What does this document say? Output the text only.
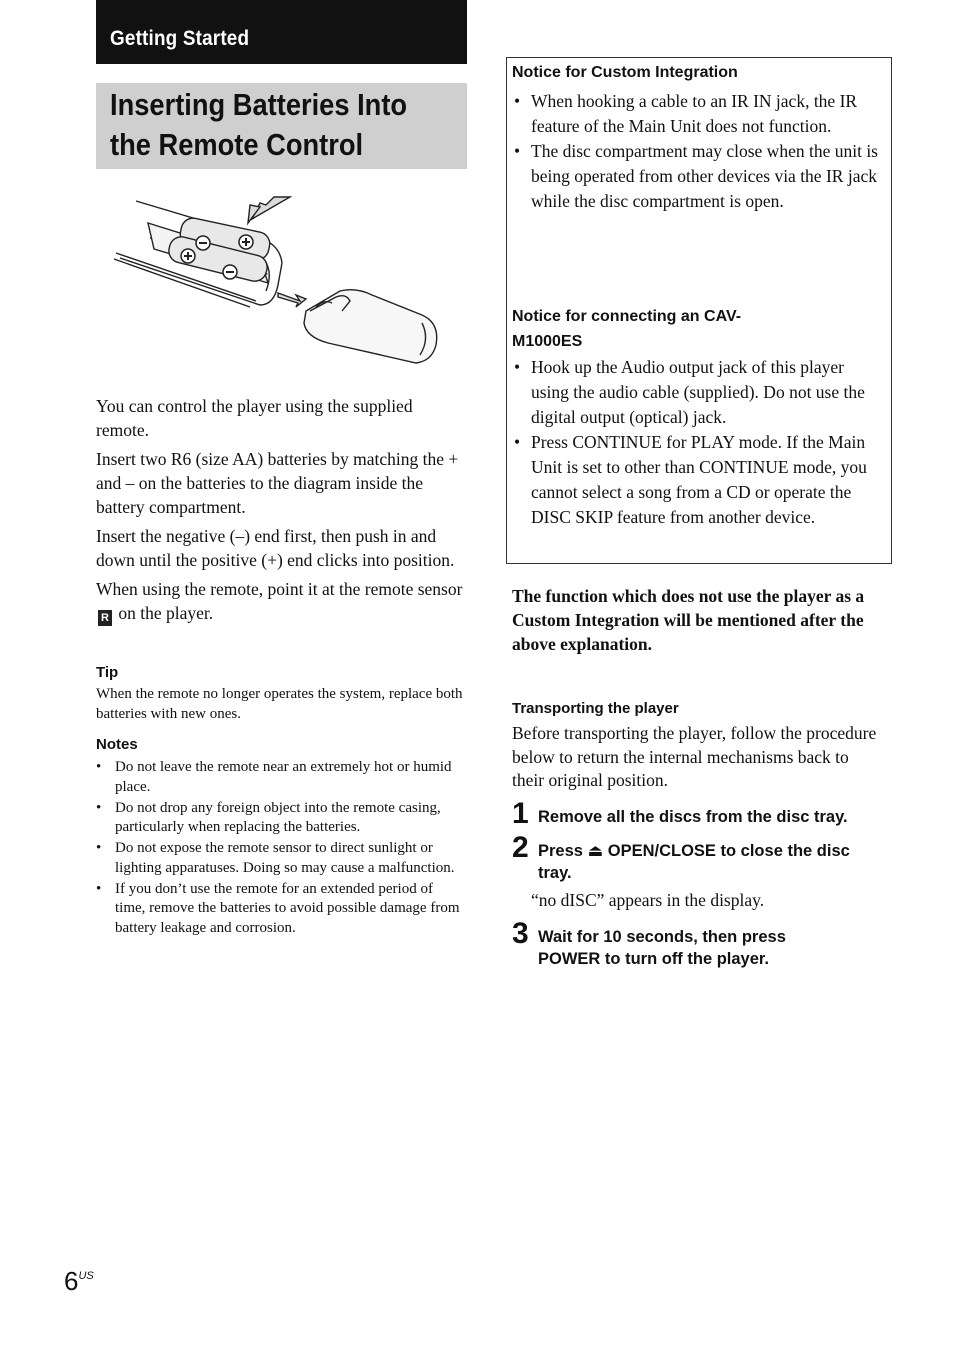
Getting Started
Inserting Batteries Into
the Remote Control

You can control the player using the supplied remote.

Insert two R6 (size AA) batteries by matching the + and – on the batteries to the diagram inside the battery compartment.

Insert the negative (–) end first, then push in and down until the positive (+) end clicks into position.

When using the remote, point it at the remote sensor R on the player.

Tip
When the remote no longer operates the system, replace both batteries with new ones.
Notes
• Do not leave the remote near an extremely hot or humid place.
• Do not drop any foreign object into the remote casing, particularly when replacing the batteries.
• Do not expose the remote sensor to direct sunlight or lighting apparatuses. Doing so may cause a malfunction.
• If you don’t use the remote for an extended period of time, remove the batteries to avoid possible damage from battery leakage and corrosion.
Notice for Custom Integration
• When hooking a cable to an IR IN jack, the IR feature of the Main Unit does not function.
• The disc compartment may close when the unit is being operated from other devices via the IR jack while the disc compartment is open.
Notice for connecting an CAV-
M1000ES
• Hook up the Audio output jack of this player using the audio cable (supplied). Do not use the digital output (optical) jack.
• Press CONTINUE for PLAY mode. If the Main Unit is set to other than CONTINUE mode, you cannot select a song from a CD or operate the DISC SKIP feature from another device.
The function which does not use the player as a Custom Integration will be mentioned after the above explanation.
Transporting the player
Before transporting the player, follow the procedure below to return the internal mechanisms back to their original position.
1 Remove all the discs from the disc tray.
2 Press ⏏ OPEN/CLOSE to close the disc tray.
“no dISC” appears in the display.
3 Wait for 10 seconds, then press POWER to turn off the player.
$6^{US}$
